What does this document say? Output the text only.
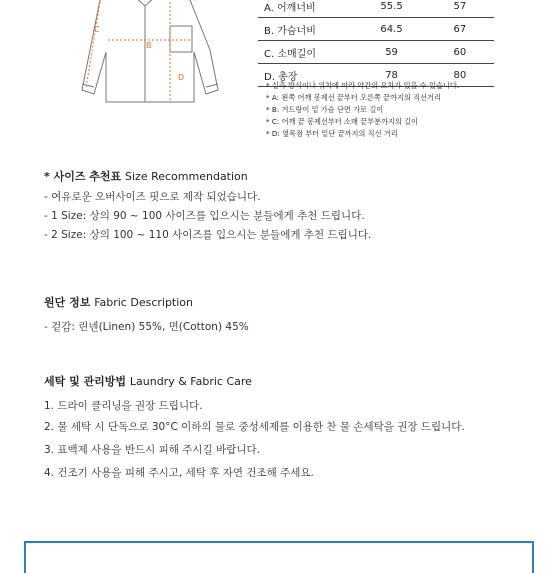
C
B
D
A. 어깨너비	55.5	57
B. 가슴너비	64.5	67
C. 소매길이	59	60
D. 총장	78	80
* 실측 방식이나 위치에 따라 약간의 오차가 있을 수 있습니다.
* A: 왼쪽 어깨 봉제선 끝부터 오른쪽 끝까지의 직선거리
* B: 겨드랑이 밑 가슴 단면 가로 길이
* C: 어깨 끝 봉제선부터 소매 끝부분까지의 길이
* D: 옆목점 부터 밑단 끝까지의 직선 거리
* 사이즈 추천표 Size Recommendation
- 여유로운 오버사이즈 핏으로 제작 되었습니다.
- 1 Size: 상의 90 ~ 100 사이즈를 입으시는 분들에게 추천 드립니다.
- 2 Size: 상의 100 ~ 110 사이즈를 입으시는 분들에게 추천 드립니다.
원단 정보 Fabric Description
- 겉감: 린넨(Linen) 55%, 면(Cotton) 45%
세탁 및 관리방법 Laundry & Fabric Care
1. 드라이 클리닝을 권장 드립니다.
2. 물 세탁 시 단독으로 30°C 이하의 물로 중성세제를 이용한 찬 물 손세탁을 권장 드립니다.
3. 표백제 사용을 반드시 피해 주시길 바랍니다.
4. 건조기 사용을 피해 주시고, 세탁 후 자연 건조해 주세요.
